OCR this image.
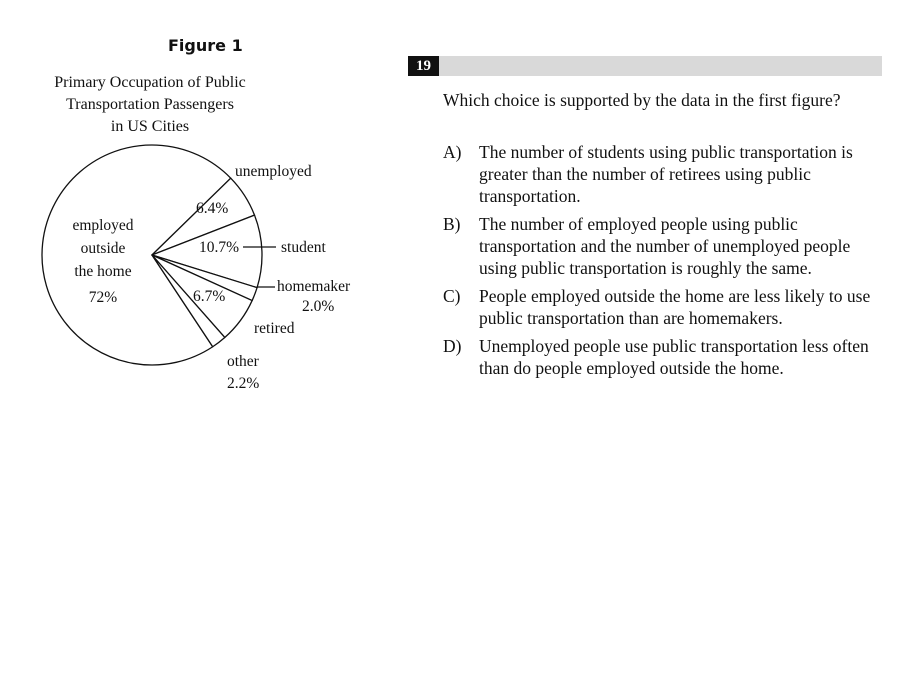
Figure 1
Primary Occupation of Public
Transportation Passengers
in US Cities
employed
outside
the home
72%
unemployed
6.4%
10.7%	student
homemaker
2.0%
6.7%
retired
other
2.2%
19
Which choice is supported by the data in the first figure?
A)	The number of students using public transportation is greater than the number of retirees using public transportation.
B)	The number of employed people using public transportation and the number of unemployed people using public transportation is roughly the same.
C)	People employed outside the home are less likely to use public transportation than are homemakers.
D)	Unemployed people use public transportation less often than do people employed outside the home.
